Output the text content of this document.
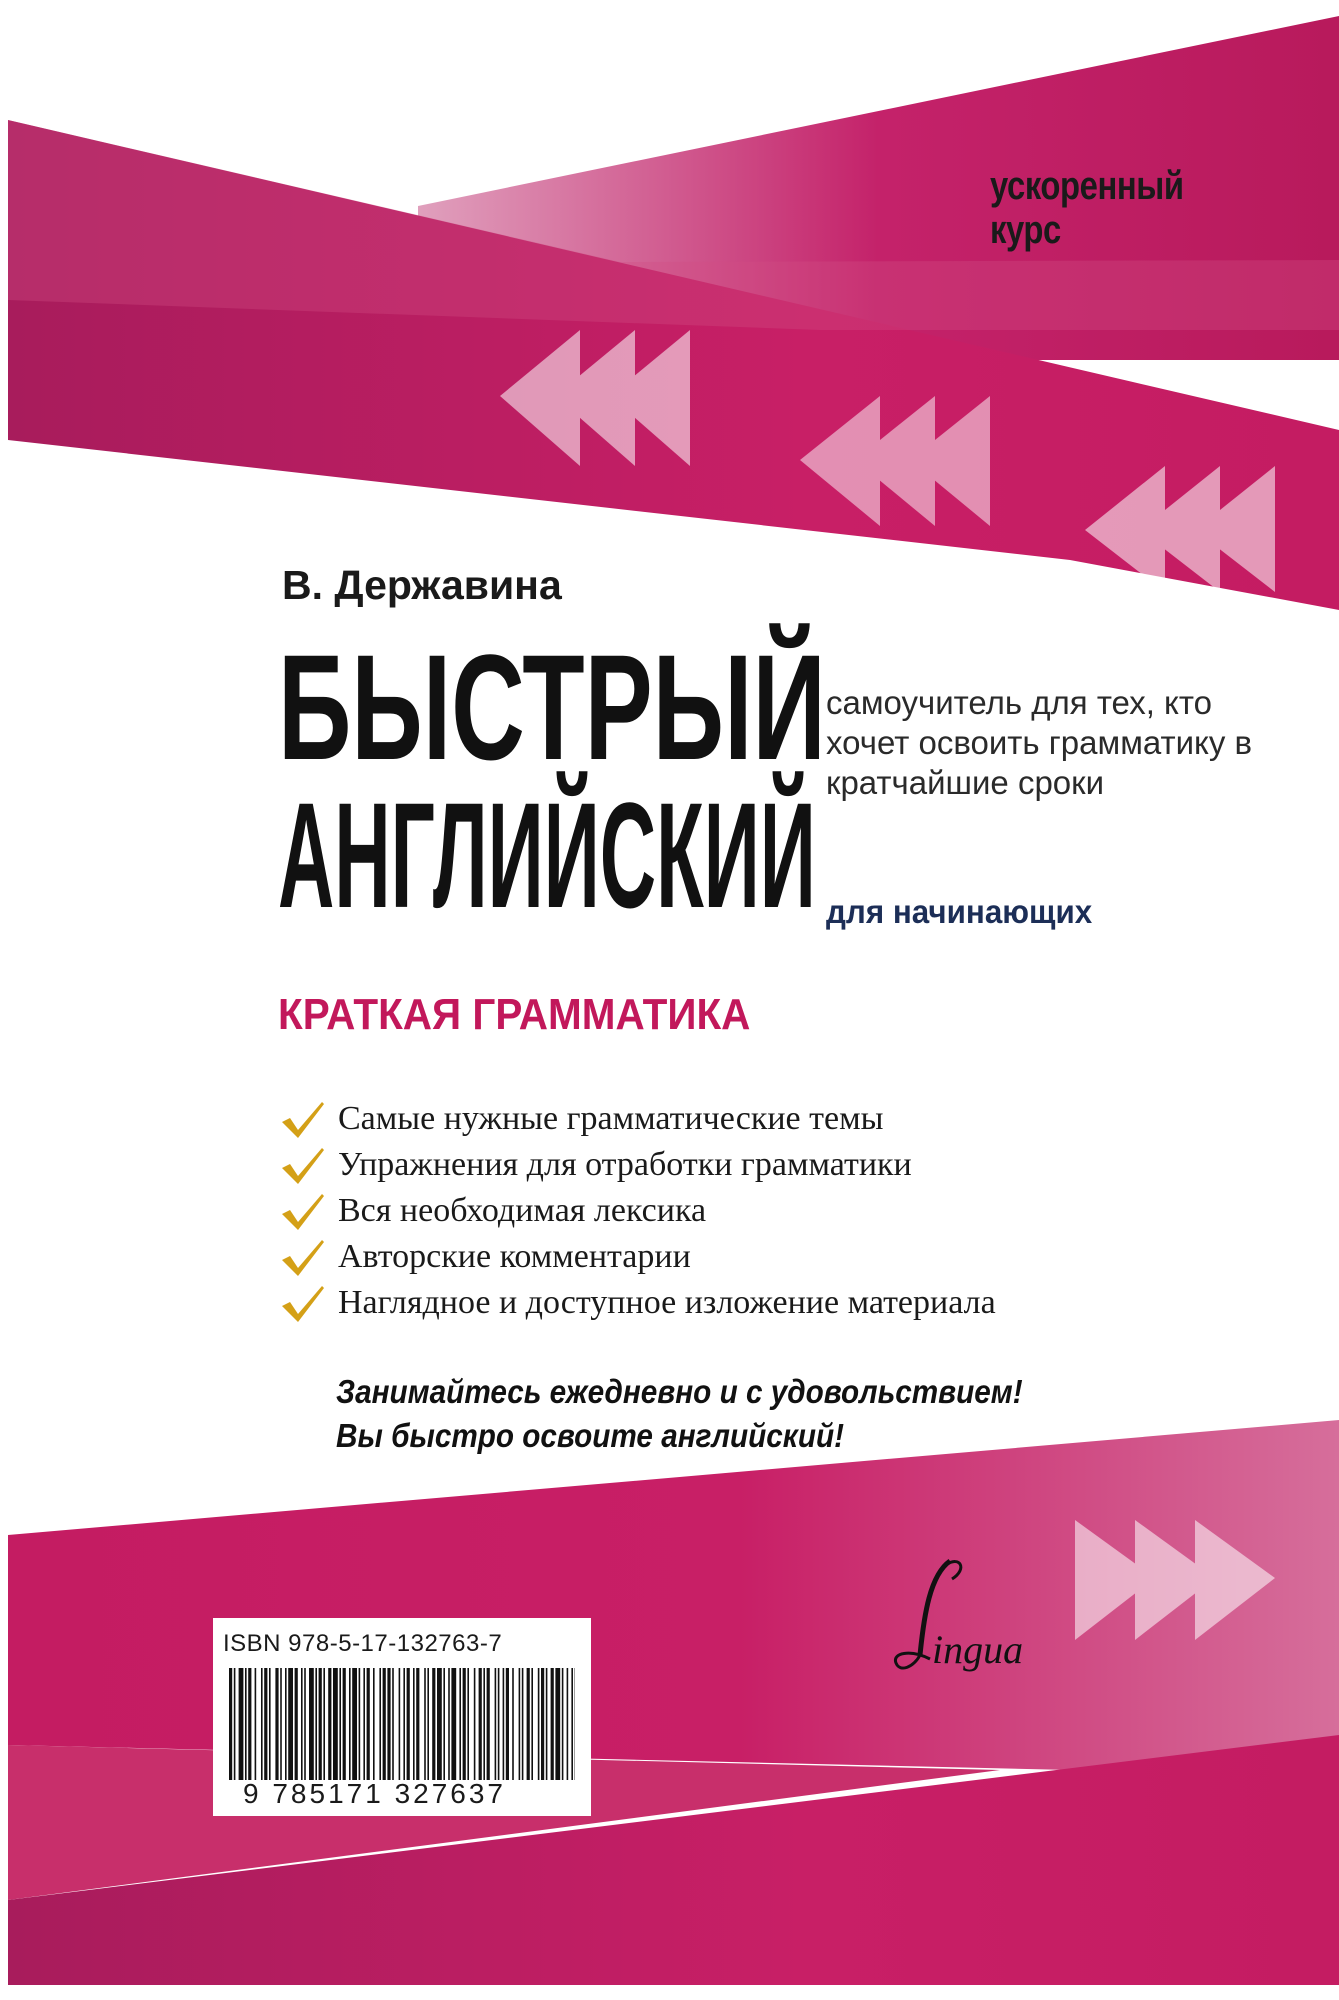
ускоренный
курс
В. Державина
БЫСТРЫЙ
АНГЛИЙСКИЙ
самоучитель для тех, кто хочет освоить грамматику в кратчайшие сроки
для начинающих
КРАТКАЯ ГРАММАТИКА
Самые нужные грамматические темы
Упражнения для отработки грамматики
Вся необходимая лексика
Авторские комментарии
Наглядное и доступное изложение материала
Занимайтесь ежедневно и с удовольствием!
Вы быстро освоите английский!
ISBN 978-5-17-132763-7
9 785171 327637
ingua
